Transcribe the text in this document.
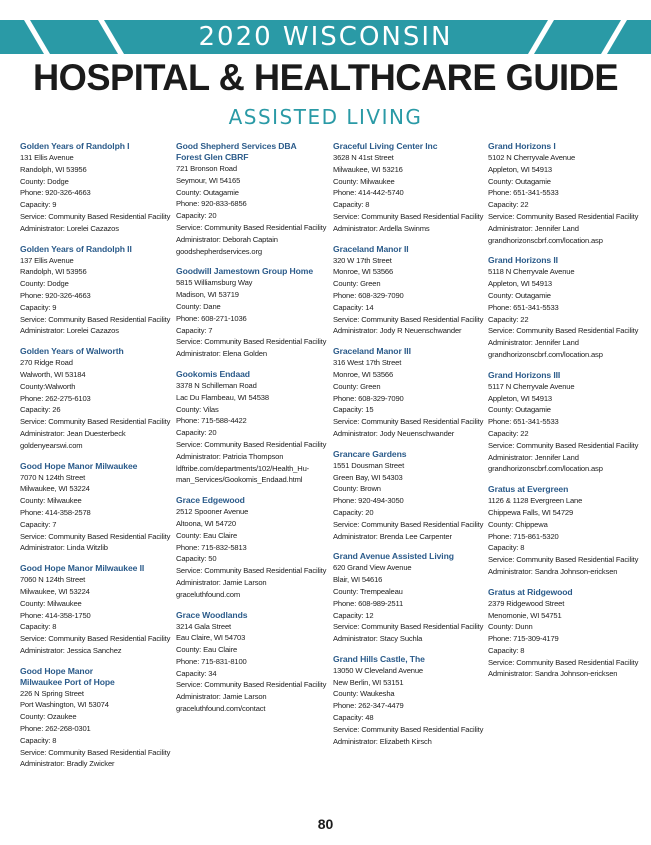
2020 WISCONSIN
HOSPITAL & HEALTHCARE GUIDE
ASSISTED LIVING
Golden Years of Randolph I
131 Ellis Avenue
Randolph, WI 53956
County: Dodge
Phone: 920-326-4663
Capacity: 9
Service: Community Based Residential Facility
Administrator: Lorelei Cazazos
Golden Years of Randolph II
137 Ellis Avenue
Randolph, WI 53956
County: Dodge
Phone: 920-326-4663
Capacity: 9
Service: Community Based Residential Facility
Administrator: Lorelei Cazazos
Golden Years of Walworth
270 Ridge Road
Walworth, WI 53184
County:Walworth
Phone: 262-275-6103
Capacity: 26
Service: Community Based Residential Facility
Administrator: Jean Duesterbeck
goldenyearswi.com
Good Hope Manor Milwaukee
7070 N 124th Street
Milwaukee, WI 53224
County: Milwaukee
Phone: 414-358-2578
Capacity: 7
Service: Community Based Residential Facility
Administrator: Linda Witzlib
Good Hope Manor Milwaukee II
7060 N 124th Street
Milwaukee, WI 53224
County: Milwaukee
Phone: 414-358-1750
Capacity: 8
Service: Community Based Residential Facility
Administrator: Jessica Sanchez
Good Hope Manor
Milwaukee Port of Hope
226 N Spring Street
Port Washington, WI 53074
County: Ozaukee
Phone: 262-268-0301
Capacity: 8
Service: Community Based Residential Facility
Administrator: Bradly Zwicker
Good Shepherd Services DBA
Forest Glen CBRF
721 Bronson Road
Seymour, WI 54165
County: Outagamie
Phone: 920-833-6856
Capacity: 20
Service: Community Based Residential Facility
Administrator: Deborah Captain
goodshepherdservices.org
Goodwill Jamestown Group Home
5815 Williamsburg Way
Madison, WI 53719
County: Dane
Phone: 608-271-1036
Capacity: 7
Service: Community Based Residential Facility
Administrator: Elena Golden
Gookomis Endaad
3378 N Schilleman Road
Lac Du Flambeau, WI 54538
County: Vilas
Phone: 715-588-4422
Capacity: 20
Service: Community Based Residential Facility
Administrator: Patricia Thompson
ldftribe.com/departments/102/Health_Hu-
man_Services/Gookomis_Endaad.html
Grace Edgewood
2512 Spooner Avenue
Altoona, WI 54720
County: Eau Claire
Phone: 715-832-5813
Capacity: 50
Service: Community Based Residential Facility
Administrator: Jamie Larson
graceluthfound.com
Grace Woodlands
3214 Gala Street
Eau Claire, WI 54703
County: Eau Claire
Phone: 715-831-8100
Capacity: 34
Service: Community Based Residential Facility
Administrator: Jamie Larson
graceluthfound.com/contact
Graceful Living Center Inc
3628 N 41st Street
Milwaukee, WI 53216
County: Milwaukee
Phone: 414-442-5740
Capacity: 8
Service: Community Based Residential Facility
Administrator: Ardella Swinms
Graceland Manor II
320 W 17th Street
Monroe, WI 53566
County: Green
Phone: 608-329-7090
Capacity: 14
Service: Community Based Residential Facility
Administrator: Jody R Neuenschwander
Graceland Manor III
316 West 17th Street
Monroe, WI 53566
County: Green
Phone: 608-329-7090
Capacity: 15
Service: Community Based Residential Facility
Administrator: Jody Neuenschwander
Grancare Gardens
1551 Dousman Street
Green Bay, WI 54303
County: Brown
Phone: 920-494-3050
Capacity: 20
Service: Community Based Residential Facility
Administrator: Brenda Lee Carpenter
Grand Avenue Assisted Living
620 Grand View Avenue
Blair, WI 54616
County: Trempealeau
Phone: 608-989-2511
Capacity: 12
Service: Community Based Residential Facility
Administrator: Stacy Suchla
Grand Hills Castle, The
13050 W Cleveland Avenue
New Berlin, WI 53151
County: Waukesha
Phone: 262-347-4479
Capacity: 48
Service: Community Based Residential Facility
Administrator: Elizabeth Kirsch
Grand Horizons I
5102 N Cherryvale Avenue
Appleton, WI 54913
County: Outagamie
Phone: 651-341-5533
Capacity: 22
Service: Community Based Residential Facility
Administrator: Jennifer Land
grandhorizonscbrf.com/location.asp
Grand Horizons II
5118 N Cherryvale Avenue
Appleton, WI 54913
County: Outagamie
Phone: 651-341-5533
Capacity: 22
Service: Community Based Residential Facility
Administrator: Jennifer Land
grandhorizonscbrf.com/location.asp
Grand Horizons III
5117 N Cherryvale Avenue
Appleton, WI 54913
County: Outagamie
Phone: 651-341-5533
Capacity: 22
Service: Community Based Residential Facility
Administrator: Jennifer Land
grandhorizonscbrf.com/location.asp
Gratus at Evergreen
1126 & 1128 Evergreen Lane
Chippewa Falls, WI 54729
County: Chippewa
Phone: 715-861-5320
Capacity: 8
Service: Community Based Residential Facility
Administrator: Sandra Johnson-ericksen
Gratus at Ridgewood
2379 Ridgewood Street
Menomonie, WI 54751
County: Dunn
Phone: 715-309-4179
Capacity: 8
Service: Community Based Residential Facility
Administrator: Sandra Johnson-ericksen
80
